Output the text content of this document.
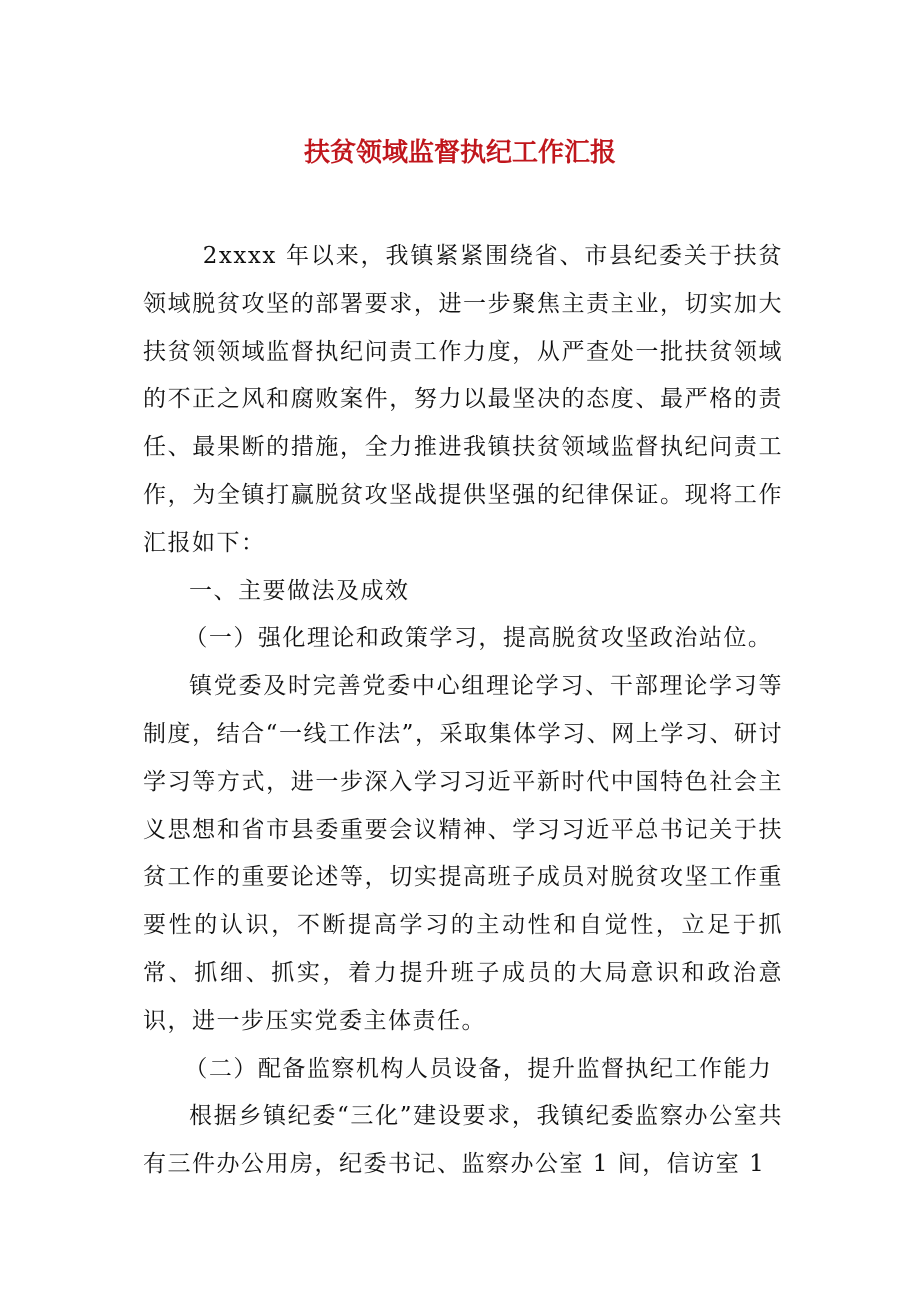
扶贫领域监督执纪工作汇报

2xxxx 年以来，我镇紧紧围绕省、市县纪委关于扶贫领域脱贫攻坚的部署要求，进一步聚焦主责主业，切实加大扶贫领领域监督执纪问责工作力度，从严查处一批扶贫领域的不正之风和腐败案件，努力以最坚决的态度、最严格的责任、最果断的措施，全力推进我镇扶贫领域监督执纪问责工作，为全镇打赢脱贫攻坚战提供坚强的纪律保证。现将工作汇报如下：

一、主要做法及成效

（一）强化理论和政策学习，提高脱贫攻坚政治站位。

镇党委及时完善党委中心组理论学习、干部理论学习等制度，结合“一线工作法”，采取集体学习、网上学习、研讨学习等方式，进一步深入学习习近平新时代中国特色社会主义思想和省市县委重要会议精神、学习习近平总书记关于扶贫工作的重要论述等，切实提高班子成员对脱贫攻坚工作重要性的认识，不断提高学习的主动性和自觉性，立足于抓常、抓细、抓实，着力提升班子成员的大局意识和政治意识，进一步压实党委主体责任。

（二）配备监察机构人员设备，提升监督执纪工作能力

根据乡镇纪委“三化”建设要求，我镇纪委监察办公室共有三件办公用房，纪委书记、监察办公室 1 间，信访室 1
